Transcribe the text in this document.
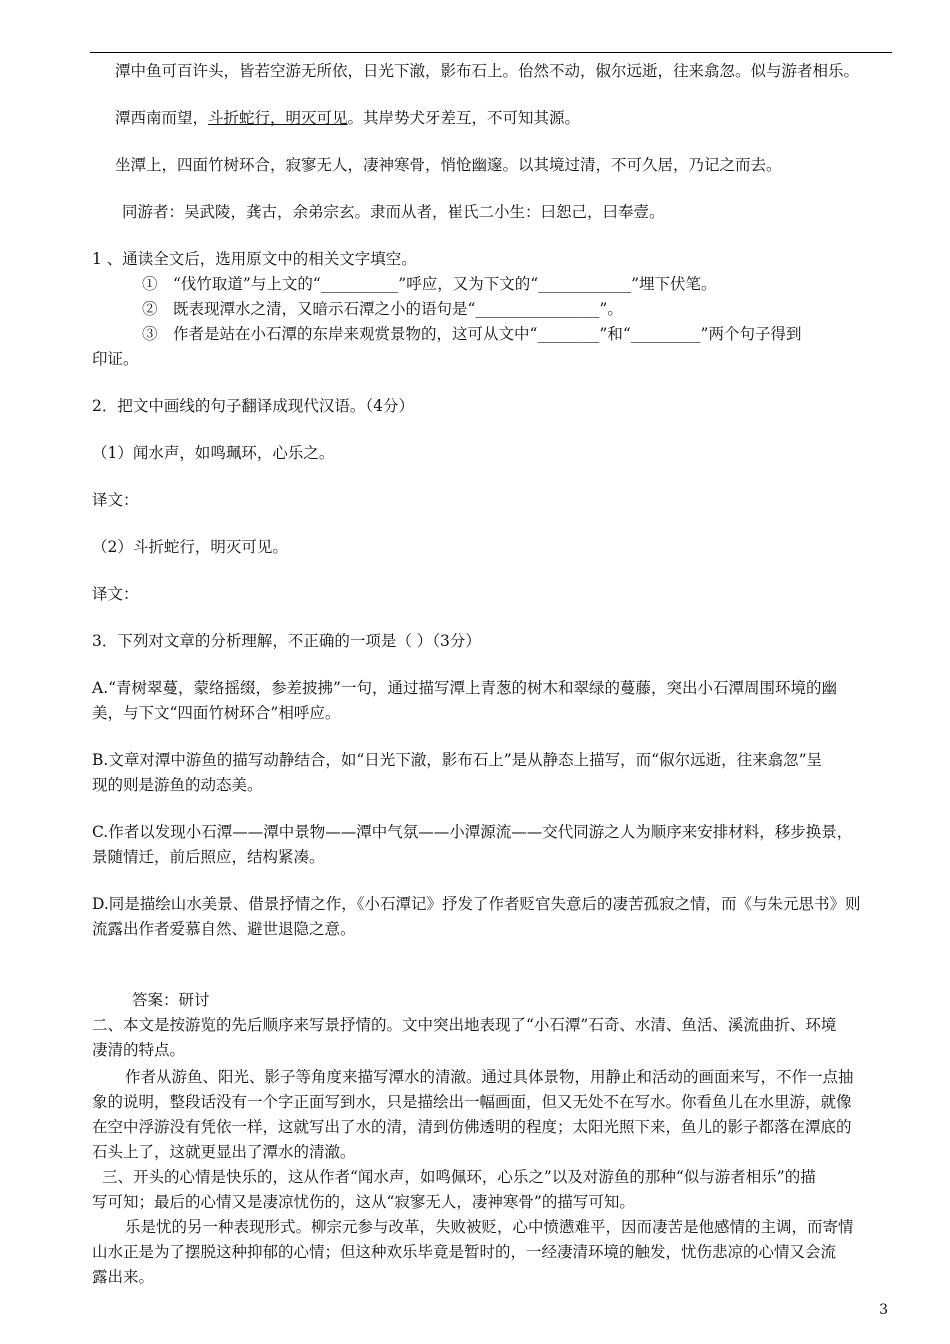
潭中鱼可百许头，皆若空游无所依，日光下澈，影布石上。佁然不动，俶尔远逝，往来翕忽。似与游者相乐。
潭西南而望，斗折蛇行，明灭可见。其岸势犬牙差互，不可知其源。
坐潭上，四面竹树环合，寂寥无人，凄神寒骨，悄怆幽邃。以其境过清，不可久居，乃记之而去。
同游者：吴武陵，龚古，余弟宗玄。隶而从者，崔氏二小生：曰恕己，曰奉壹。
1 、通读全文后，选用原文中的相关文字填空。
①　“伐竹取道”与上文的“__________”呼应，又为下文的“____________”埋下伏笔。
②　既表现潭水之清，又暗示石潭之小的语句是“________________”。
③　作者是站在小石潭的东岸来观赏景物的，这可从文中“________”和“_________”两个句子得到
印证。
2．把文中画线的句子翻译成现代汉语。（4分）
（1）闻水声，如鸣珮环，心乐之。
译文：
（2）斗折蛇行，明灭可见。
译文：
3．下列对文章的分析理解，不正确的一项是（ ）（3分）
A.“青树翠蔓，蒙络摇缀，参差披拂”一句，通过描写潭上青葱的树木和翠绿的蔓藤，突出小石潭周围环境的幽
美，与下文“四面竹树环合”相呼应。
B.文章对潭中游鱼的描写动静结合，如“日光下澈，影布石上”是从静态上描写，而“俶尔远逝，往来翕忽”呈
现的则是游鱼的动态美。
C.作者以发现小石潭——潭中景物——潭中气氛——小潭源流——交代同游之人为顺序来安排材料，移步换景，
景随情迁，前后照应，结构紧凑。
D.同是描绘山水美景、借景抒情之作，《小石潭记》抒发了作者贬官失意后的凄苦孤寂之情，而《与朱元思书》则
流露出作者爱慕自然、避世退隐之意。
答案：研讨
二、本文是按游览的先后顺序来写景抒情的。文中突出地表现了“小石潭”石奇、水清、鱼活、溪流曲折、环境
凄清的特点。
作者从游鱼、阳光、影子等角度来描写潭水的清澈。通过具体景物，用静止和活动的画面来写，不作一点抽
象的说明，整段话没有一个字正面写到水，只是描绘出一幅画面，但又无处不在写水。你看鱼儿在水里游，就像
在空中浮游没有凭依一样，这就写出了水的清，清到仿佛透明的程度；太阳光照下来，鱼儿的影子都落在潭底的
石头上了，这就更显出了潭水的清澈。
三、开头的心情是快乐的，这从作者“闻水声，如鸣佩环，心乐之”以及对游鱼的那种“似与游者相乐”的描
写可知；最后的心情又是凄凉忧伤的，这从“寂寥无人，凄神寒骨”的描写可知。
乐是忧的另一种表现形式。柳宗元参与改革，失败被贬，心中愤懑难平，因而凄苦是他感情的主调，而寄情
山水正是为了摆脱这种抑郁的心情；但这种欢乐毕竟是暂时的，一经凄清环境的触发，忧伤悲凉的心情又会流
露出来。
3
